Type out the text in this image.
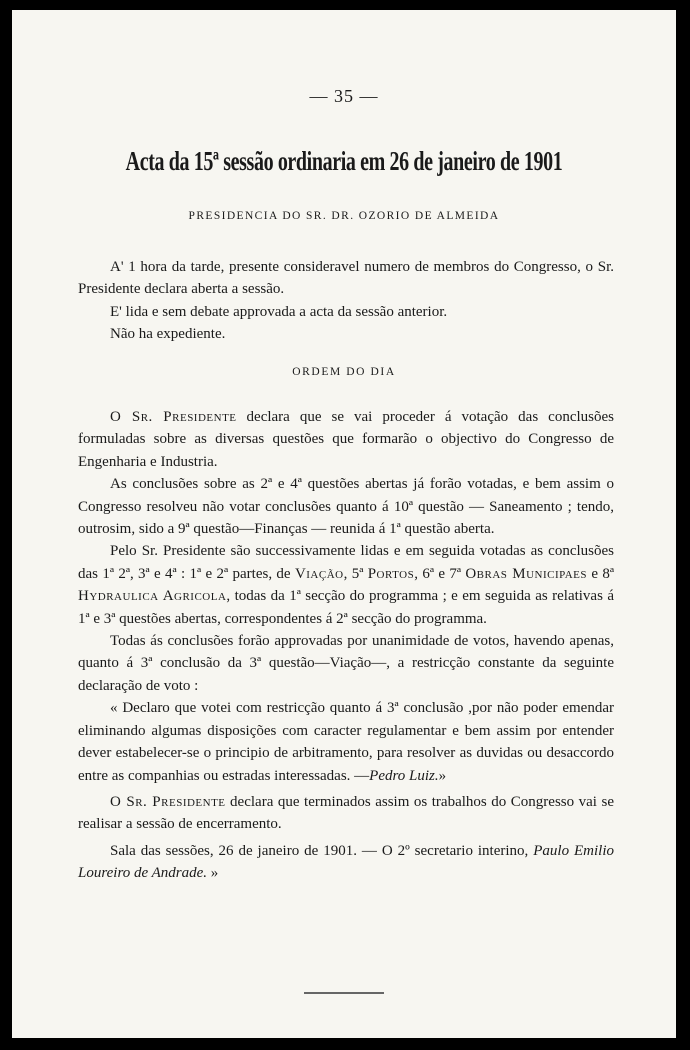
— 35 —
Acta da 15ª sessão ordinaria em 26 de janeiro de 1901
PRESIDENCIA DO SR. DR. OZORIO DE ALMEIDA

A' 1 hora da tarde, presente consideravel numero de membros do Congresso, o Sr. Presidente declara aberta a sessão.

E' lida e sem debate approvada a acta da sessão anterior.

Não ha expediente.

ORDEM DO DIA

O Sr. Presidente declara que se vai proceder á votação das conclusões formuladas sobre as diversas questões que formarão o objectivo do Congresso de Engenharia e Industria.

As conclusões sobre as 2ª e 4ª questões abertas já forão votadas, e bem assim o Congresso resolveu não votar conclusões quanto á 10ª questão — Saneamento ; tendo, outrosim, sido a 9ª questão—Finanças — reunida á 1ª questão aberta.

Pelo Sr. Presidente são successivamente lidas e em seguida votadas as conclusões das 1ª 2ª, 3ª e 4ª : 1ª e 2ª partes, de Viação, 5ª Portos, 6ª e 7ª Obras Municipaes e 8ª Hydraulica Agricola, todas da 1ª secção do programma ; e em seguida as relativas á 1ª e 3ª questões abertas, correspondentes á 2ª secção do programma.

Todas ás conclusões forão approvadas por unanimidade de votos, havendo apenas, quanto á 3ª conclusão da 3ª questão—Viação—, a restricção constante da seguinte declaração de voto :

« Declaro que votei com restricção quanto á 3ª conclusão ,por não poder emendar eliminando algumas disposições com caracter regulamentar e bem assim por entender dever estabelecer-se o principio de arbitramento, para resolver as duvidas ou desaccordo entre as companhias ou estradas interessadas. —Pedro Luiz.»

O Sr. Presidente declara que terminados assim os trabalhos do Congresso vai se realisar a sessão de encerramento.

Sala das sessões, 26 de janeiro de 1901. — O 2º secretario interino, Paulo Emilio Loureiro de Andrade. »
